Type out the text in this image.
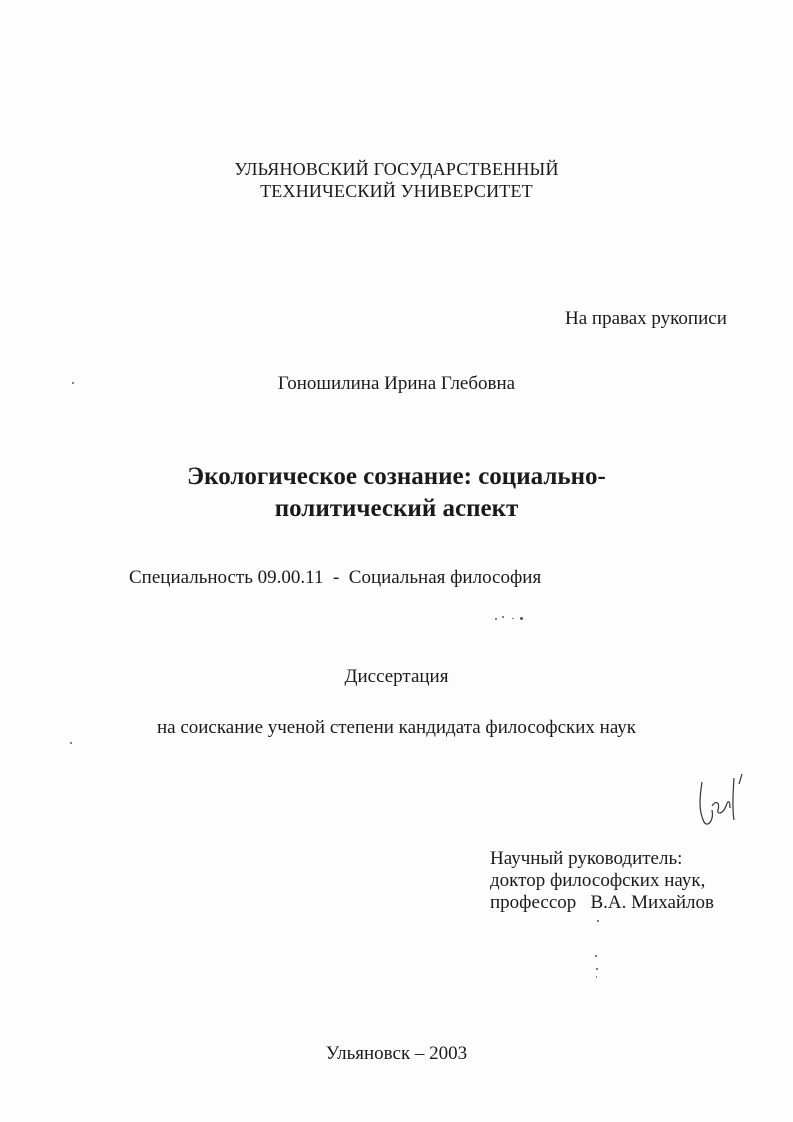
УЛЬЯНОВСКИЙ ГОСУДАРСТВЕННЫЙ
ТЕХНИЧЕСКИЙ УНИВЕРСИТЕТ
На правах рукописи
Гоношилина Ирина Глебовна
Экологическое сознание: социально-
политический аспект
Специальность 09.00.11  -  Социальная философия
Диссертация
на соискание ученой степени кандидата философских наук
Научный руководитель:
доктор философских наук,
профессор   В.А. Михайлов
Ульяновск – 2003
